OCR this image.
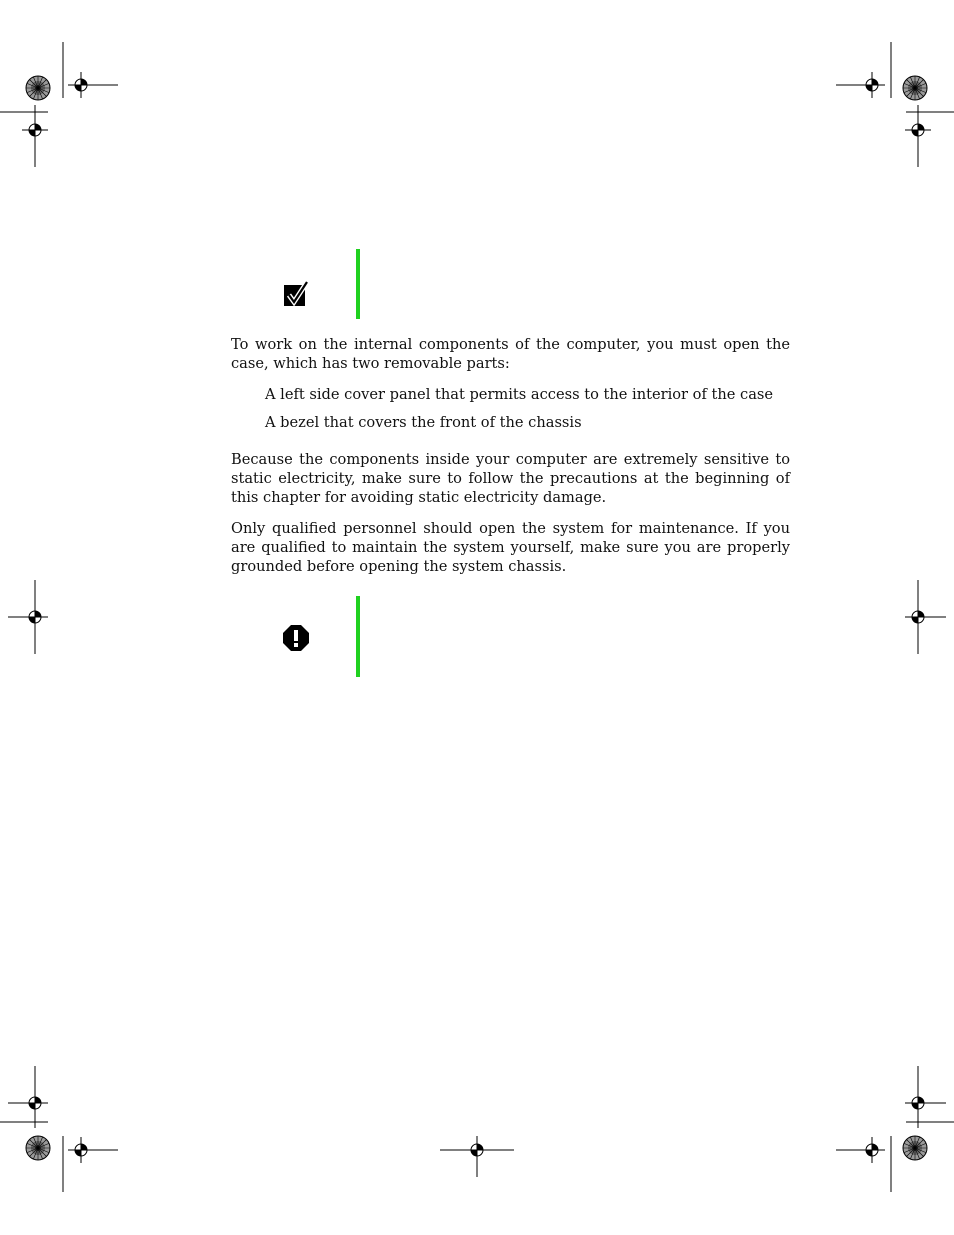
To work on the internal components of the computer, you must open the case, which has two removable parts:

A left side cover panel that permits access to the interior of the case

A bezel that covers the front of the chassis

Because the components inside your computer are extremely sensitive to static electricity, make sure to follow the precautions at the beginning of this chapter for avoiding static electricity damage.

Only qualified personnel should open the system for maintenance. If you are qualified to maintain the system yourself, make sure you are properly grounded before opening the system chassis.
